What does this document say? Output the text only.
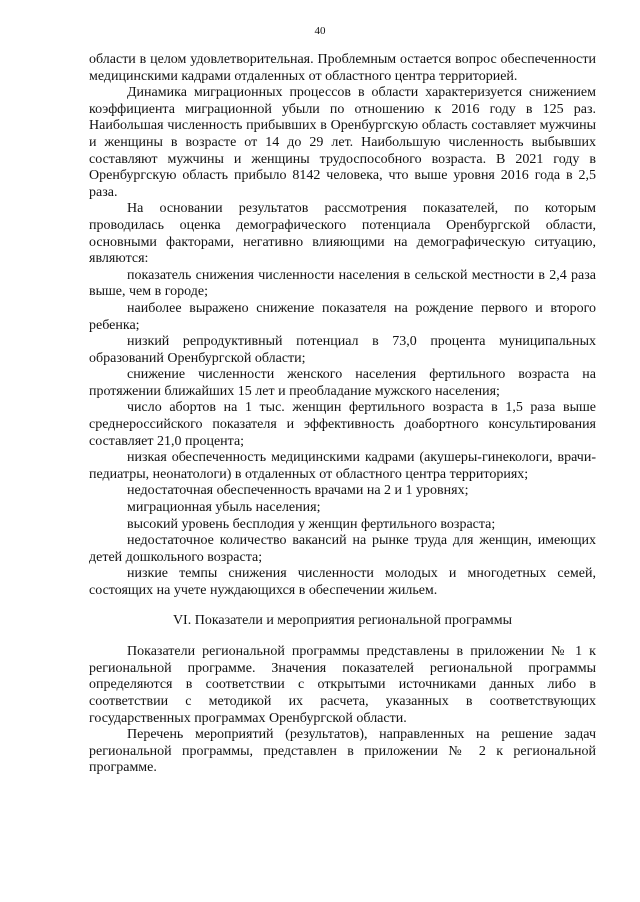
40

области в целом удовлетворительная. Проблемным остается вопрос обеспеченности медицинскими кадрами отдаленных от областного центра территорией.

Динамика миграционных процессов в области характеризуется снижением коэффициента миграционной убыли по отношению к 2016 году в 125 раз. Наибольшая численность прибывших в Оренбургскую область составляет мужчины и женщины в возрасте от 14 до 29 лет. Наибольшую численность выбывших составляют мужчины и женщины трудоспособного возраста. В 2021 году в Оренбургскую область прибыло 8142 человека, что выше уровня 2016 года в 2,5 раза.

На основании результатов рассмотрения показателей, по которым проводилась оценка демографического потенциала Оренбургской области, основными факторами, негативно влияющими на демографическую ситуацию, являются:

показатель снижения численности населения в сельской местности в 2,4 раза выше, чем в городе;

наиболее выражено снижение показателя на рождение первого и второго ребенка;

низкий репродуктивный потенциал в 73,0 процента муниципальных образований Оренбургской области;

снижение численности женского населения фертильного возраста на протяжении ближайших 15 лет и преобладание мужского населения;

число абортов на 1 тыс. женщин фертильного возраста в 1,5 раза выше среднероссийского показателя и эффективность доабортного консультирования составляет 21,0 процента;

низкая обеспеченность медицинскими кадрами (акушеры-гинекологи, врачи-педиатры, неонатологи) в отдаленных от областного центра территориях;

недостаточная обеспеченность врачами на 2 и 1 уровнях;

миграционная убыль населения;

высокий уровень бесплодия у женщин фертильного возраста;

недостаточное количество вакансий на рынке труда для женщин, имеющих детей дошкольного возраста;

низкие темпы снижения численности молодых и многодетных семей, состоящих на учете нуждающихся в обеспечении жильем.

VI. Показатели и мероприятия региональной программы

Показатели региональной программы представлены в приложении № 1 к региональной программе. Значения показателей региональной программы определяются в соответствии с открытыми источниками данных либо в соответствии с методикой их расчета, указанных в соответствующих государственных программах Оренбургской области.

Перечень мероприятий (результатов), направленных на решение задач региональной программы, представлен в приложении № 2 к региональной программе.
